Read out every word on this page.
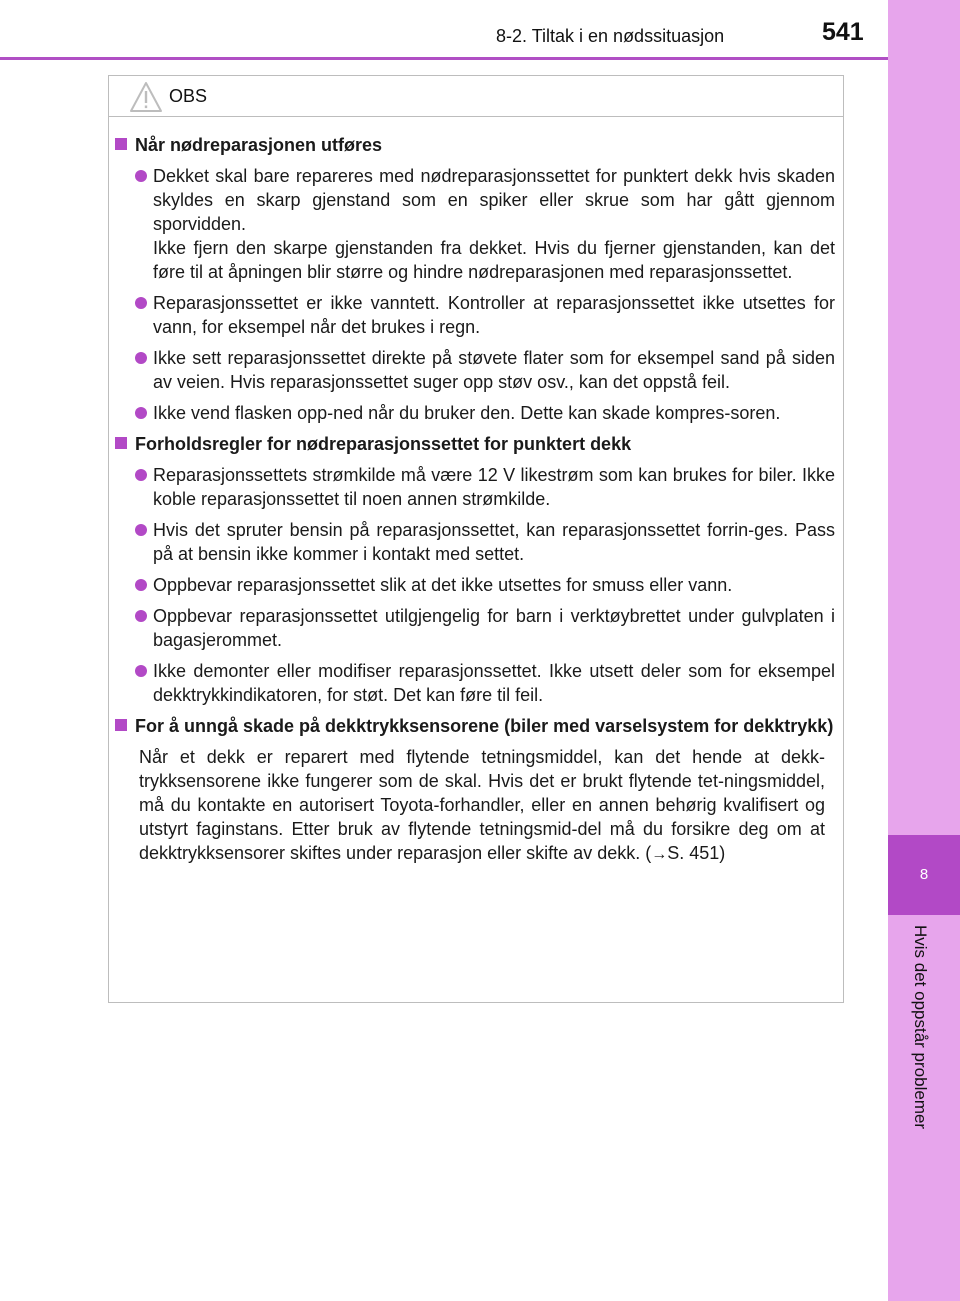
8-2. Tiltak i en nødssituasjon	541
8
Hvis det oppstår problemer
OBS
Når nødreparasjonen utføres
Dekket skal bare repareres med nødreparasjonssettet for punktert dekk hvis skaden skyldes en skarp gjenstand som en spiker eller skrue som har gått gjennom sporvidden.
Ikke fjern den skarpe gjenstanden fra dekket. Hvis du fjerner gjenstanden, kan det føre til at åpningen blir større og hindre nødreparasjonen med reparasjonssettet.
Reparasjonssettet er ikke vanntett. Kontroller at reparasjonssettet ikke utsettes for vann, for eksempel når det brukes i regn.
Ikke sett reparasjonssettet direkte på støvete flater som for eksempel sand på siden av veien. Hvis reparasjonssettet suger opp støv osv., kan det oppstå feil.
Ikke vend flasken opp-ned når du bruker den. Dette kan skade kompres-soren.
Forholdsregler for nødreparasjonssettet for punktert dekk
Reparasjonssettets strømkilde må være 12 V likestrøm som kan brukes for biler. Ikke koble reparasjonssettet til noen annen strømkilde.
Hvis det spruter bensin på reparasjonssettet, kan reparasjonssettet forrin-ges. Pass på at bensin ikke kommer i kontakt med settet.
Oppbevar reparasjonssettet slik at det ikke utsettes for smuss eller vann.
Oppbevar reparasjonssettet utilgjengelig for barn i verktøybrettet under gulvplaten i bagasjerommet.
Ikke demonter eller modifiser reparasjonssettet. Ikke utsett deler som for eksempel dekktrykkindikatoren, for støt. Det kan føre til feil.
For å unngå skade på dekktrykksensorene (biler med varselsystem for dekktrykk)
Når et dekk er reparert med flytende tetningsmiddel, kan det hende at dekk-trykksensorene ikke fungerer som de skal. Hvis det er brukt flytende tet-ningsmiddel, må du kontakte en autorisert Toyota-forhandler, eller en annen behørig kvalifisert og utstyrt faginstans. Etter bruk av flytende tetningsmid-del må du forsikre deg om at dekktrykksensorer skiftes under reparasjon eller skifte av dekk. (→S. 451)
